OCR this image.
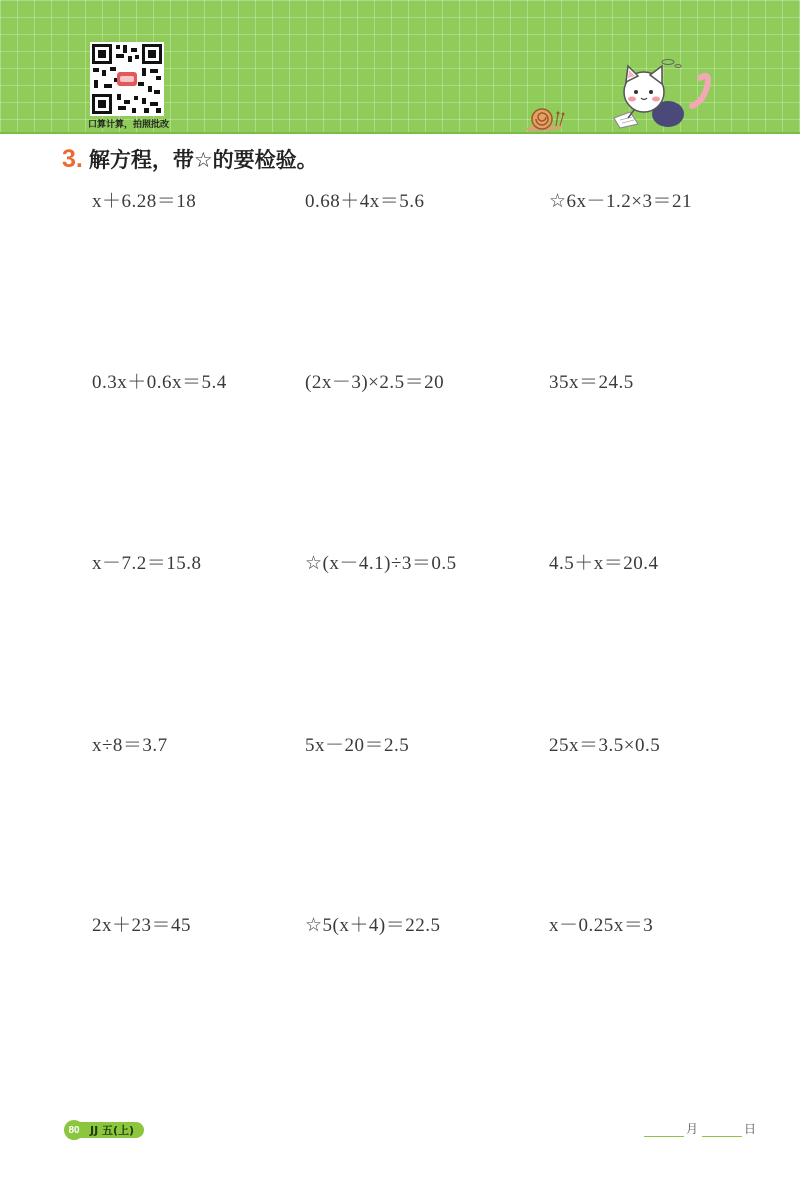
口算计算，拍照批改
3. 解方程，带☆的要检验。
x＋6.28＝18	0.68＋4x＝5.6	☆6x－1.2×3＝21
0.3x＋0.6x＝5.4	(2x－3)×2.5＝20	35x＝24.5
x－7.2＝15.8	☆(x－4.1)÷3＝0.5	4.5＋x＝20.4
x÷8＝3.7	5x－20＝2.5	25x＝3.5×0.5
2x＋23＝45	☆5(x＋4)＝22.5	x－0.25x＝3
80 JJ 五(上)	月	日
